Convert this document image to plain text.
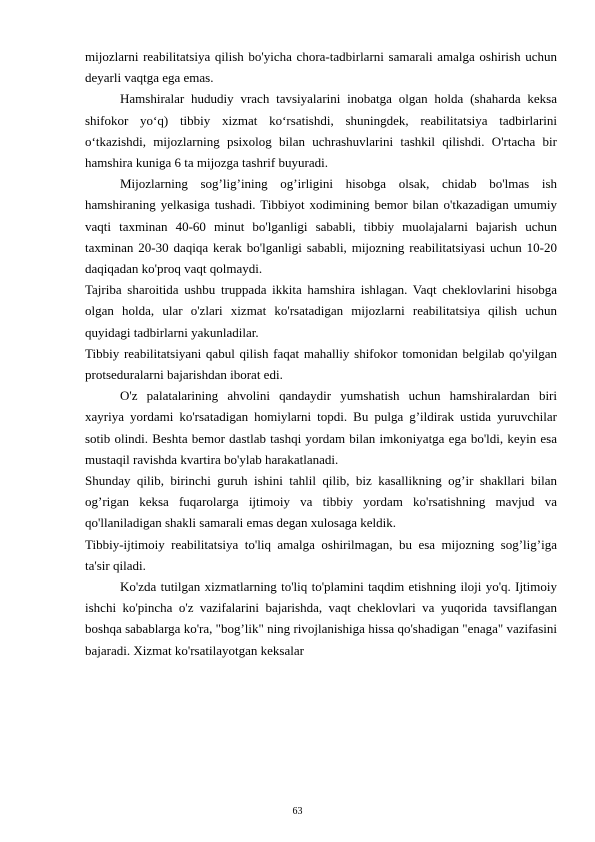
mijozlarni reabilitatsiya qilish bo'yicha chora-tadbirlarni samarali amalga oshirish uchun deyarli vaqtga ega emas.

Hamshiralar hududiy vrach tavsiyalarini inobatga olgan holda (shaharda keksa shifokor yo‘q) tibbiy xizmat ko‘rsatishdi, shuningdek, reabilitatsiya tadbirlarini o‘tkazishdi, mijozlarning psixolog bilan uchrashuvlarini tashkil qilishdi. O'rtacha bir hamshira kuniga 6 ta mijozga tashrif buyuradi.

Mijozlarning sog’lig’ining og’irligini hisobga olsak, chidab bo'lmas ish hamshiraning yelkasiga tushadi. Tibbiyot xodimining bemor bilan o'tkazadigan umumiy vaqti taxminan 40-60 minut bo'lganligi sababli, tibbiy muolajalarni bajarish uchun taxminan 20-30 daqiqa kerak bo'lganligi sababli, mijozning reabilitatsiyasi uchun 10-20 daqiqadan ko'proq vaqt qolmaydi.

Tajriba sharoitida ushbu truppada ikkita hamshira ishlagan. Vaqt cheklovlarini hisobga olgan holda, ular o'zlari xizmat ko'rsatadigan mijozlarni reabilitatsiya qilish uchun quyidagi tadbirlarni yakunladilar.

Tibbiy reabilitatsiyani qabul qilish faqat mahalliy shifokor tomonidan belgilab qo'yilgan protseduralarni bajarishdan iborat edi.

O'z palatalarining ahvolini qandaydir yumshatish uchun hamshiralardan biri xayriya yordami ko'rsatadigan homiylarni topdi. Bu pulga g’ildirak ustida yuruvchilar sotib olindi. Beshta bemor dastlab tashqi yordam bilan imkoniyatga ega bo'ldi, keyin esa mustaqil ravishda kvartira bo'ylab harakatlanadi.

Shunday qilib, birinchi guruh ishini tahlil qilib, biz kasallikning og’ir shakllari bilan og’rigan keksa fuqarolarga ijtimoiy va tibbiy yordam ko'rsatishning mavjud va qo'llaniladigan shakli samarali emas degan xulosaga keldik.

Tibbiy-ijtimoiy reabilitatsiya to'liq amalga oshirilmagan, bu esa mijozning sog’lig’iga ta'sir qiladi.

Ko'zda tutilgan xizmatlarning to'liq to'plamini taqdim etishning iloji yo'q. Ijtimoiy ishchi ko'pincha o'z vazifalarini bajarishda, vaqt cheklovlari va yuqorida tavsiflangan boshqa sabablarga ko'ra, "bog’lik" ning rivojlanishiga hissa qo'shadigan "enaga" vazifasini bajaradi. Xizmat ko'rsatilayotgan keksalar

63
